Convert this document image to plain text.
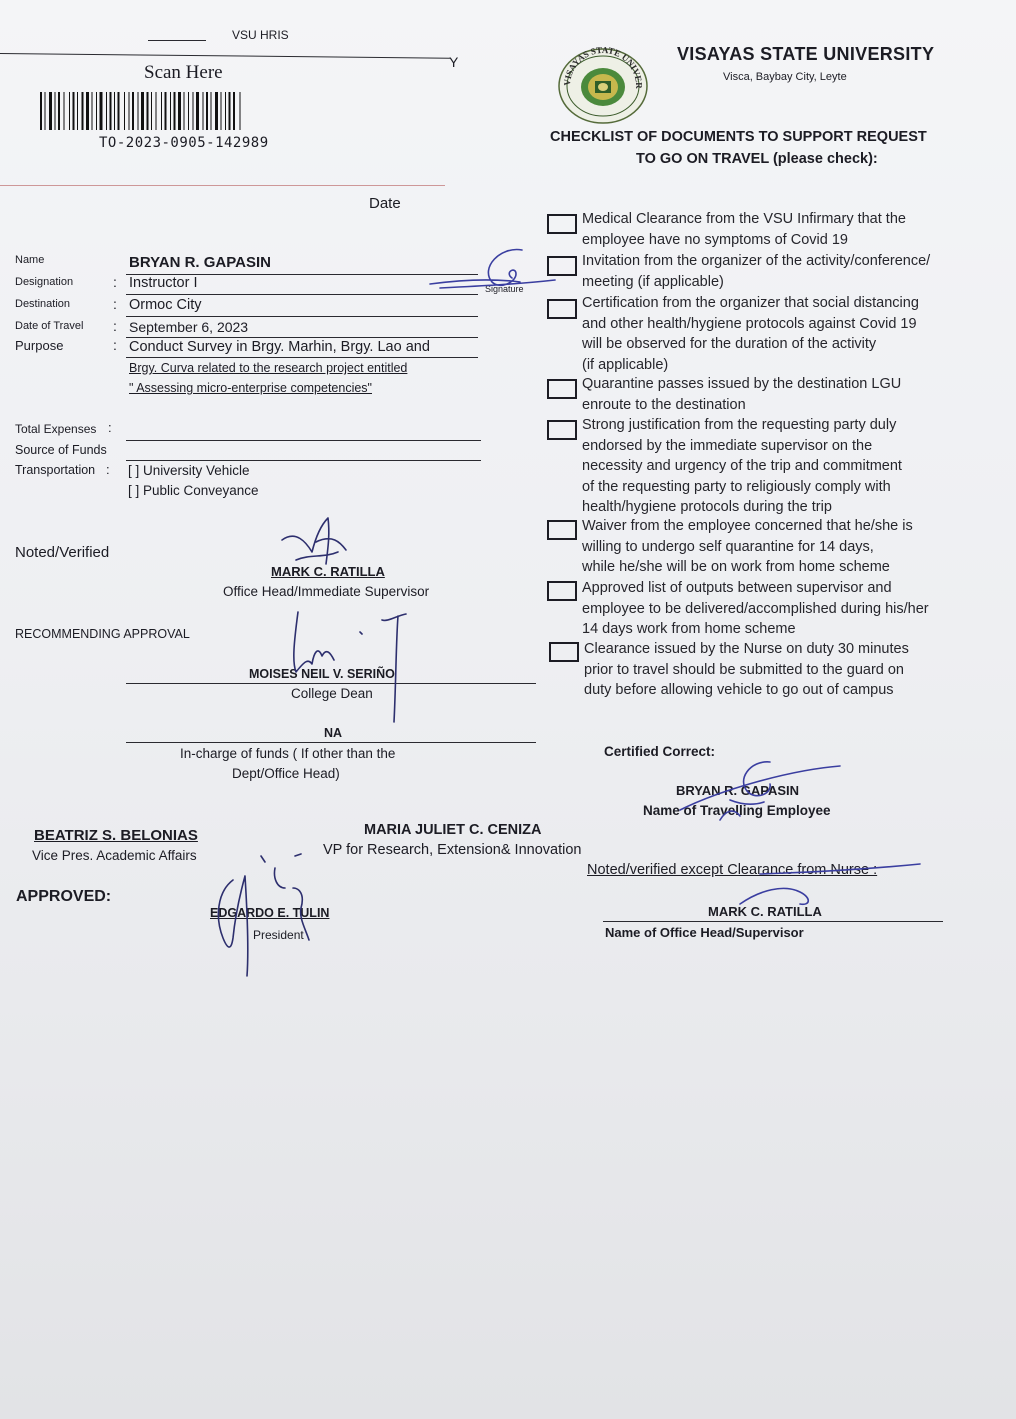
VSU HRIS
Y
Scan Here
TO-2023-0905-142989
Date
VISAYAS STATE UNIVER
VISAYAS STATE UNIVERSITY
Visca, Baybay City, Leyte
CHECKLIST OF DOCUMENTS TO SUPPORT REQUEST
TO GO ON TRAVEL (please check):
Medical Clearance from the VSU Infirmary that the
employee have no symptoms of Covid 19
Invitation from the organizer of the activity/conference/
meeting (if applicable)
Certification from the organizer that social distancing
and other health/hygiene protocols against Covid 19
will be observed for the duration of the activity
(if applicable)
Quarantine passes issued by the destination LGU
enroute to the destination
Strong justification from the requesting party duly
endorsed by the immediate supervisor on the
necessity and urgency of the trip and commitment
of the requesting party to religiously comply with
health/hygiene protocols during the trip
Waiver from the employee concerned that he/she is
willing to undergo self quarantine for 14 days,
while he/she will be on work from home scheme
Approved list of outputs between supervisor and
employee to be delivered/accomplished during his/her
14 days work from home scheme
Clearance issued by the Nurse on duty 30 minutes
prior to travel should be submitted to the guard on
duty before allowing vehicle to go out of campus
Name	BRYAN R. GAPASIN
Designation	: Instructor I	Signature
Destination	: Ormoc City
Date of Travel : September 6, 2023
Purpose	: Conduct Survey in Brgy. Marhin, Brgy. Lao and
Brgy. Curva related to the research project entitled
" Assessing micro-enterprise competencies"
Total Expenses :
Source of Funds
Transportation : [ ] University Vehicle
[ ] Public Conveyance
Noted/Verified
MARK C. RATILLA
Office Head/Immediate Supervisor
RECOMMENDING APPROVAL
MOISES NEIL V. SERIÑO
College Dean
NA
In-charge of funds ( If other than the
Dept/Office Head)
BEATRIZ S. BELONIAS
Vice Pres. Academic Affairs
MARIA JULIET C. CENIZA
VP for Research, Extension& Innovation
APPROVED:
EDGARDO E. TULIN
President
Certified Correct:
BRYAN R. GAPASIN
Name of Travelling Employee
Noted/verified except Clearance from Nurse :
MARK C. RATILLA
Name of Office Head/Supervisor
